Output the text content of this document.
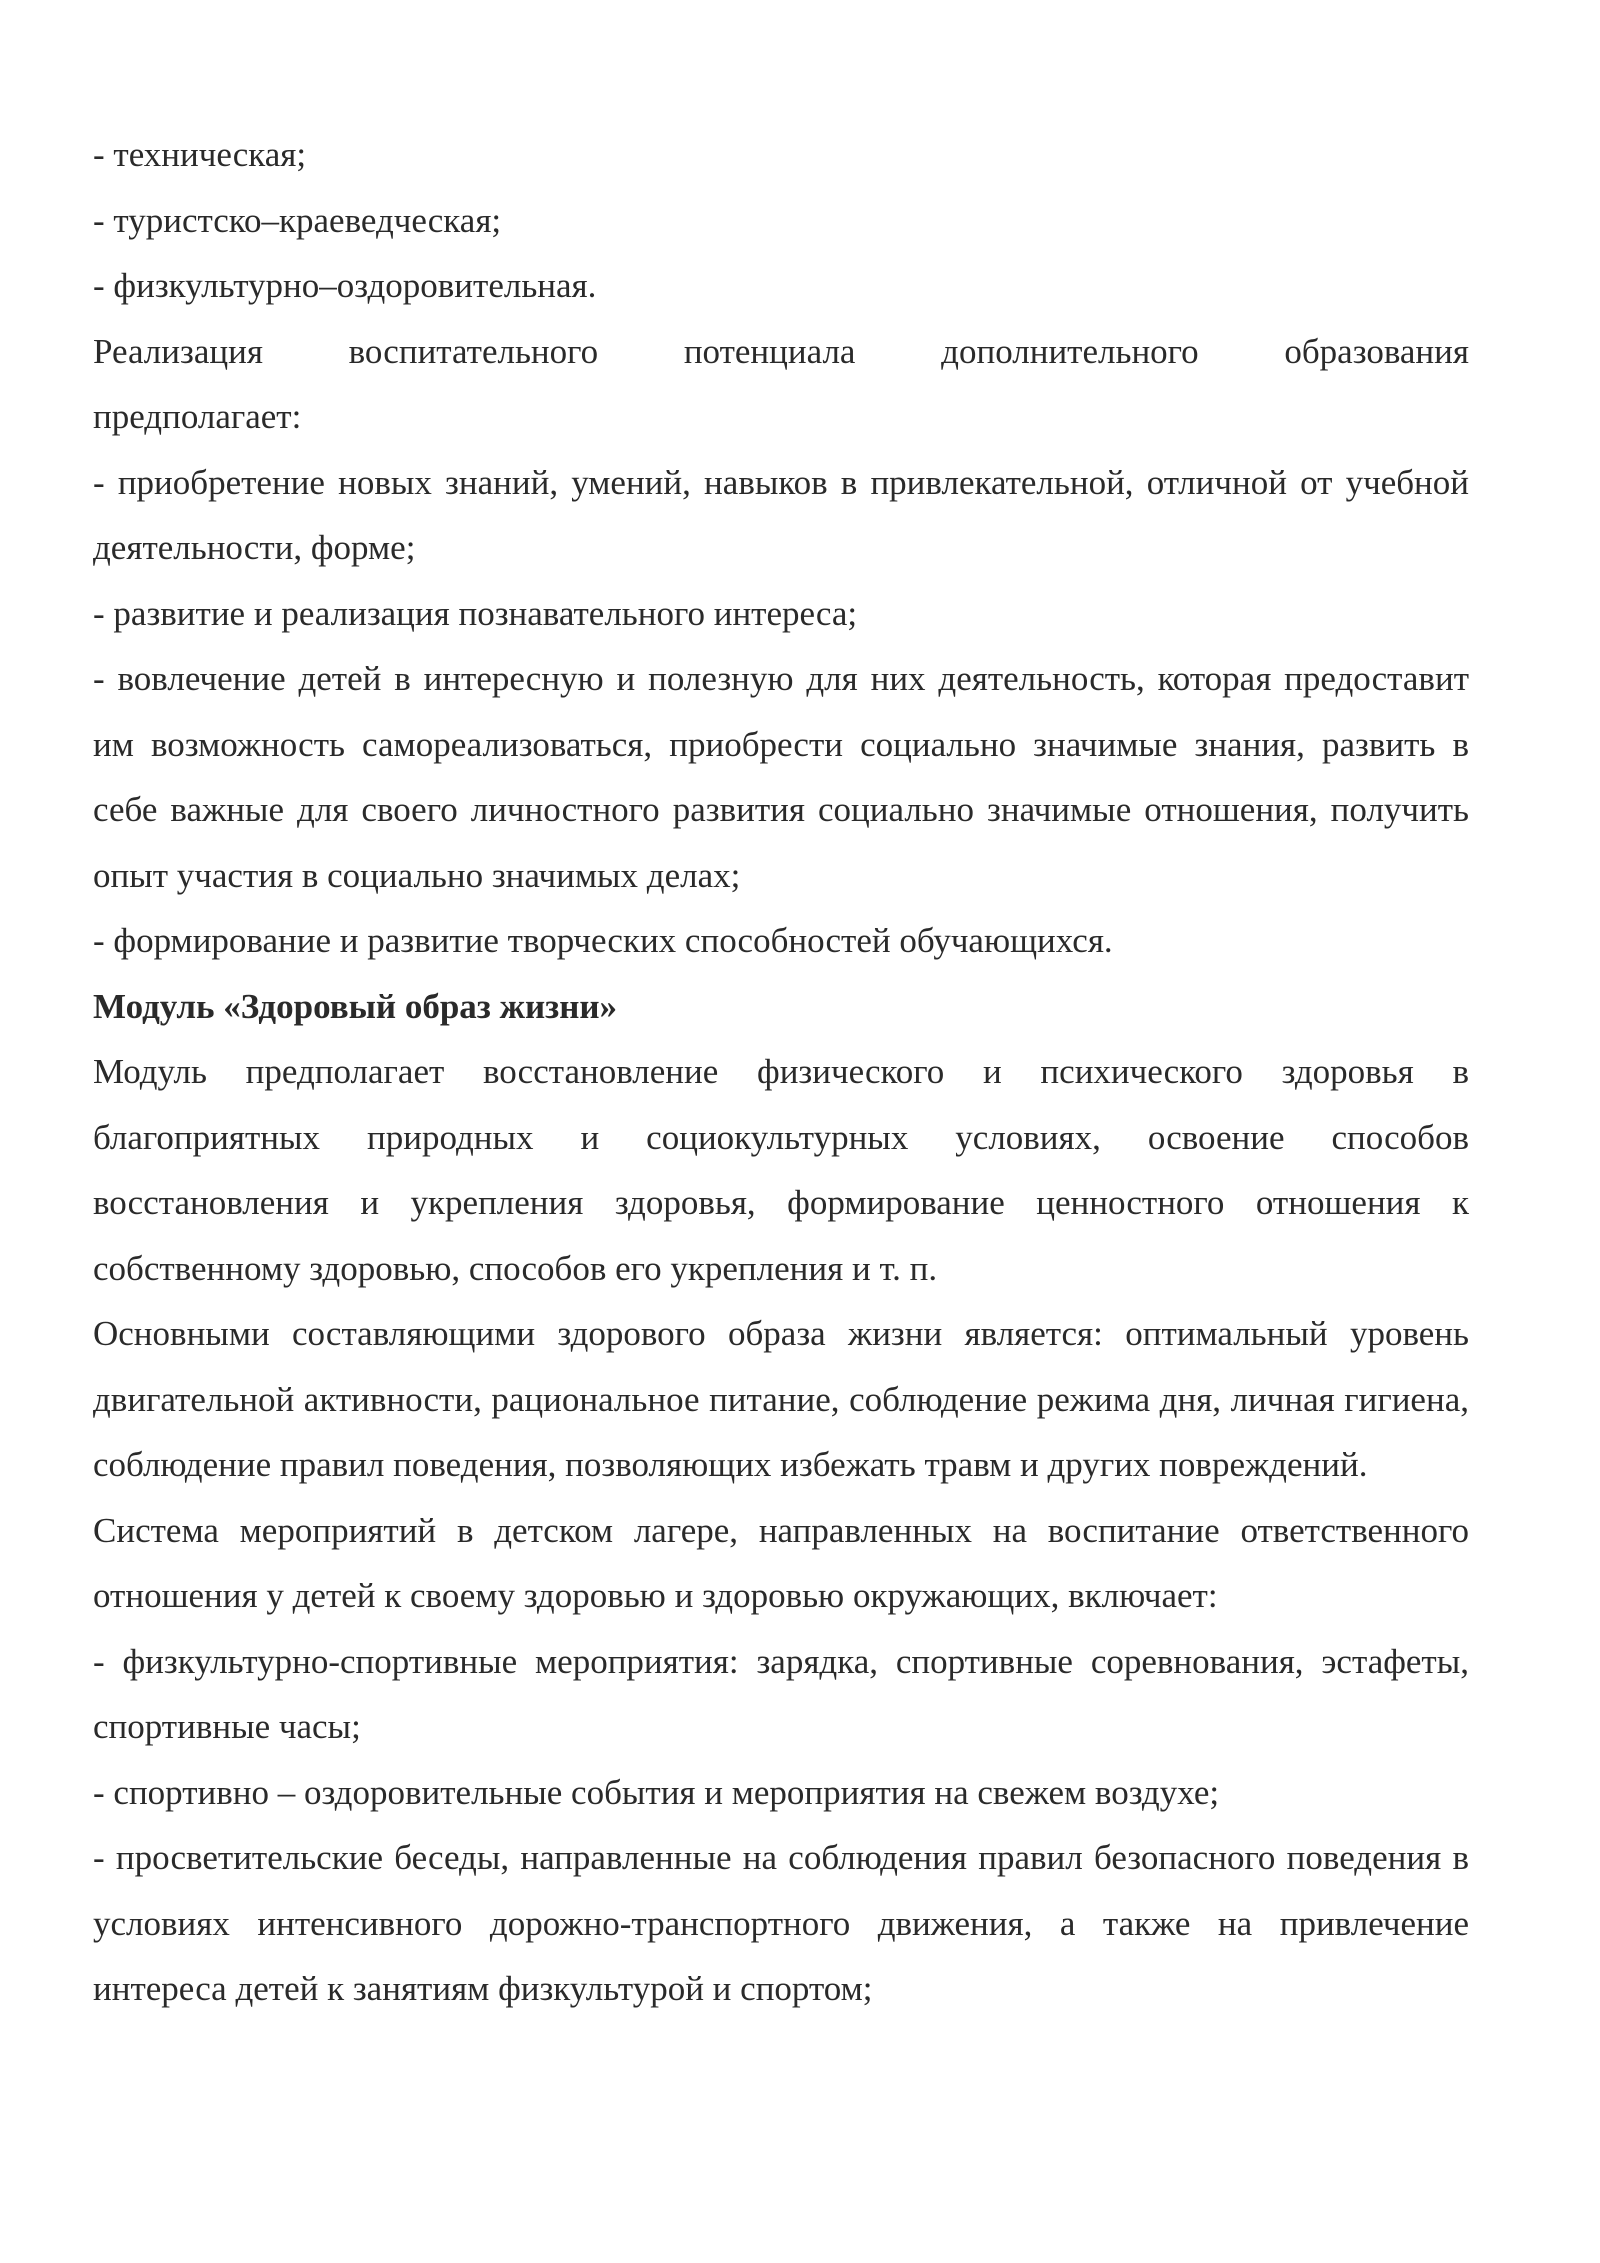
- техническая;
- туристско–краеведческая;
- физкультурно–оздоровительная.

Реализация воспитательного потенциала дополнительного образования

предполагает:

- приобретение новых знаний, умений, навыков в привлекательной, отличной от учебной деятельности, форме;

- развитие и реализация познавательного интереса;

- вовлечение детей в интересную и полезную для них деятельность, которая предоставит им возможность самореализоваться, приобрести социально значимые знания, развить в себе важные для своего личностного развития социально значимые отношения, получить опыт участия в социально значимых делах;

- формирование и развитие творческих способностей обучающихся.

Модуль «Здоровый образ жизни»

Модуль предполагает восстановление физического и психического здоровья в благоприятных природных и социокультурных условиях, освоение способов восстановления и укрепления здоровья, формирование ценностного отношения к собственному здоровью, способов его укрепления и т. п.

Основными составляющими здорового образа жизни является: оптимальный уровень двигательной активности, рациональное питание, соблюдение режима дня, личная гигиена, соблюдение правил поведения, позволяющих избежать травм и других повреждений.

Система мероприятий в детском лагере, направленных на воспитание ответственного отношения у детей к своему здоровью и здоровью окружающих, включает:

- физкультурно-спортивные мероприятия: зарядка, спортивные соревнования, эстафеты, спортивные часы;

- спортивно – оздоровительные события и мероприятия на свежем воздухе;

- просветительские беседы, направленные на соблюдения правил безопасного поведения в условиях интенсивного дорожно-транспортного движения, а также на привлечение интереса детей к занятиям физкультурой и спортом;
